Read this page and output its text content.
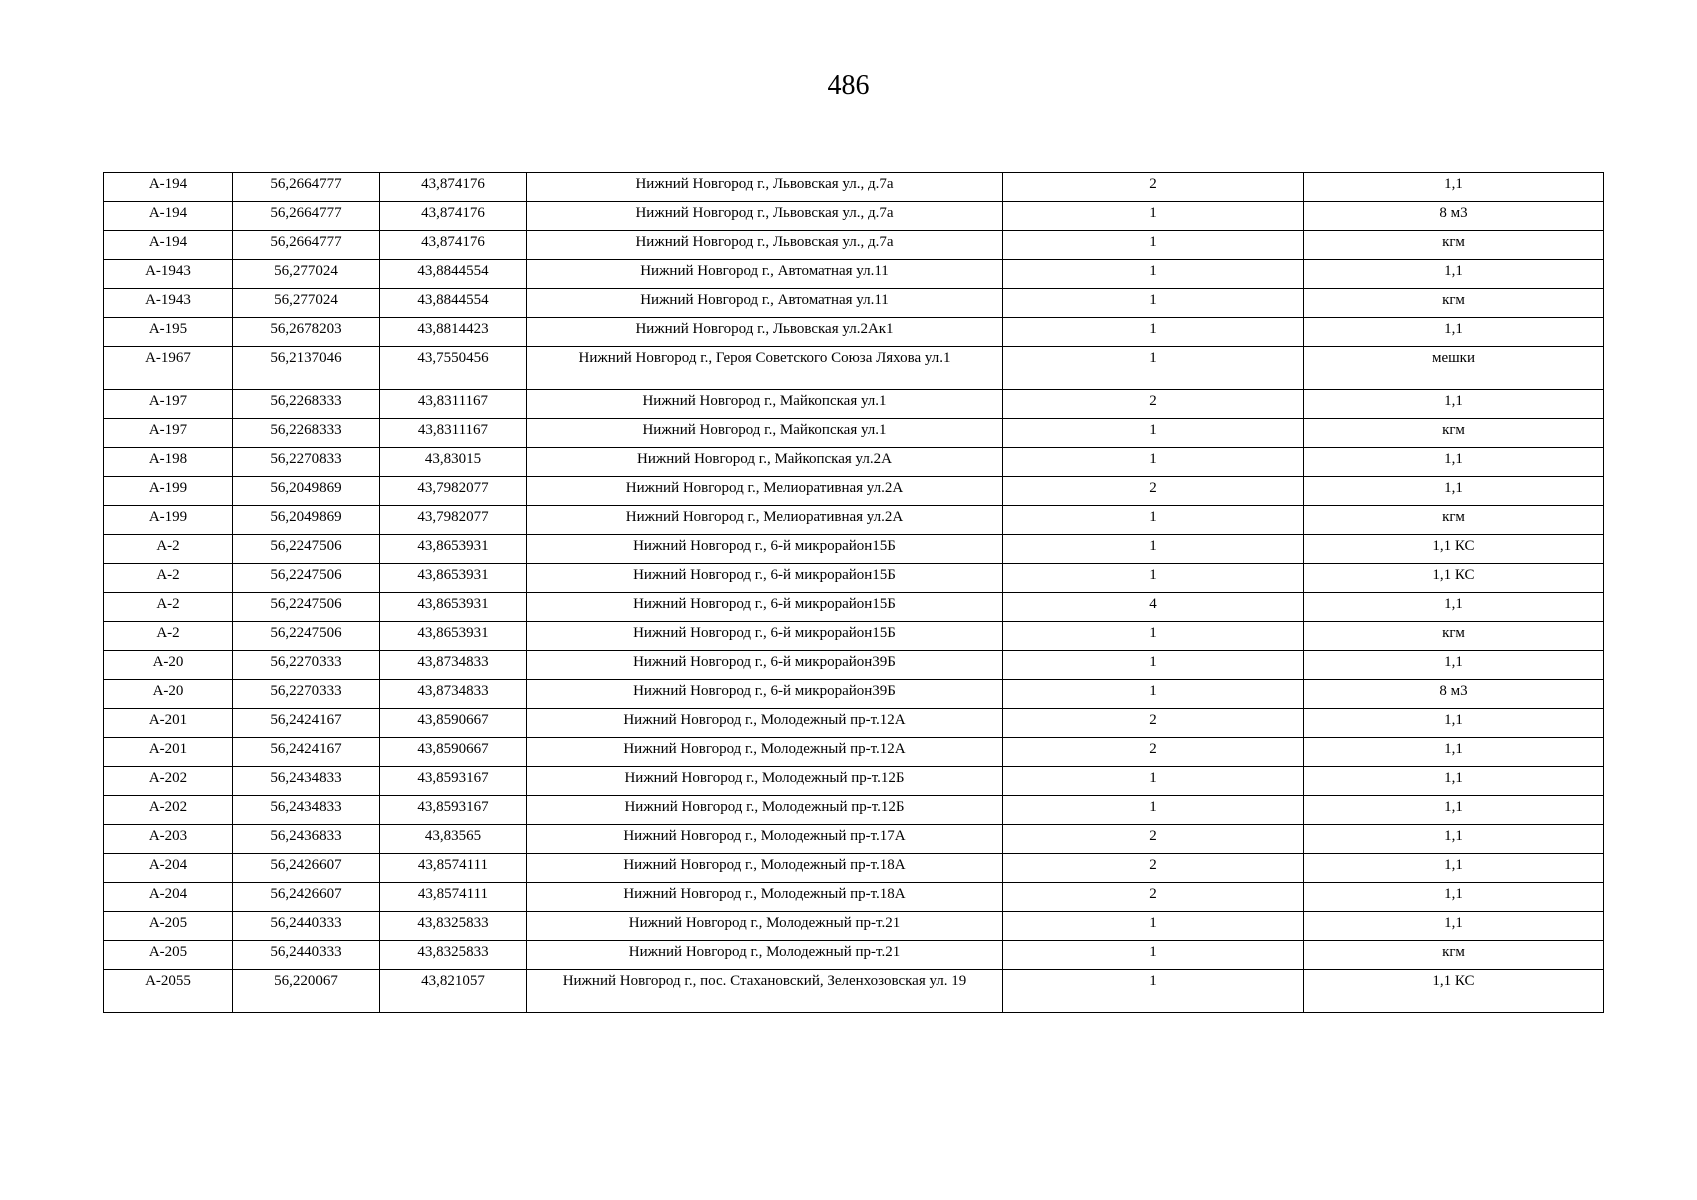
486
А-194	56,2664777	43,874176	Нижний Новгород г., Львовская ул., д.7а	2	1,1
А-194	56,2664777	43,874176	Нижний Новгород г., Львовская ул., д.7а	1	8 м3
А-194	56,2664777	43,874176	Нижний Новгород г., Львовская ул., д.7а	1	кгм
А-1943	56,277024	43,8844554	Нижний Новгород г., Автоматная ул.11	1	1,1
А-1943	56,277024	43,8844554	Нижний Новгород г., Автоматная ул.11	1	кгм
А-195	56,2678203	43,8814423	Нижний Новгород г., Львовская ул.2Ак1	1	1,1
А-1967	56,2137046	43,7550456	Нижний Новгород г., Героя Советского Союза Ляхова ул.1	1	мешки
А-197	56,2268333	43,8311167	Нижний Новгород г., Майкопская ул.1	2	1,1
А-197	56,2268333	43,8311167	Нижний Новгород г., Майкопская ул.1	1	кгм
А-198	56,2270833	43,83015	Нижний Новгород г., Майкопская ул.2А	1	1,1
А-199	56,2049869	43,7982077	Нижний Новгород г., Мелиоративная ул.2А	2	1,1
А-199	56,2049869	43,7982077	Нижний Новгород г., Мелиоративная ул.2А	1	кгм
А-2	56,2247506	43,8653931	Нижний Новгород г., 6-й микрорайон15Б	1	1,1 КС
А-2	56,2247506	43,8653931	Нижний Новгород г., 6-й микрорайон15Б	1	1,1 КС
А-2	56,2247506	43,8653931	Нижний Новгород г., 6-й микрорайон15Б	4	1,1
А-2	56,2247506	43,8653931	Нижний Новгород г., 6-й микрорайон15Б	1	кгм
А-20	56,2270333	43,8734833	Нижний Новгород г., 6-й микрорайон39Б	1	1,1
А-20	56,2270333	43,8734833	Нижний Новгород г., 6-й микрорайон39Б	1	8 м3
А-201	56,2424167	43,8590667	Нижний Новгород г., Молодежный пр-т.12А	2	1,1
А-201	56,2424167	43,8590667	Нижний Новгород г., Молодежный пр-т.12А	2	1,1
А-202	56,2434833	43,8593167	Нижний Новгород г., Молодежный пр-т.12Б	1	1,1
А-202	56,2434833	43,8593167	Нижний Новгород г., Молодежный пр-т.12Б	1	1,1
А-203	56,2436833	43,83565	Нижний Новгород г., Молодежный пр-т.17А	2	1,1
А-204	56,2426607	43,8574111	Нижний Новгород г., Молодежный пр-т.18А	2	1,1
А-204	56,2426607	43,8574111	Нижний Новгород г., Молодежный пр-т.18А	2	1,1
А-205	56,2440333	43,8325833	Нижний Новгород г., Молодежный пр-т.21	1	1,1
А-205	56,2440333	43,8325833	Нижний Новгород г., Молодежный пр-т.21	1	кгм
А-2055	56,220067	43,821057	Нижний Новгород г., пос. Стахановский, Зеленхозовская ул. 19	1	1,1 КС
